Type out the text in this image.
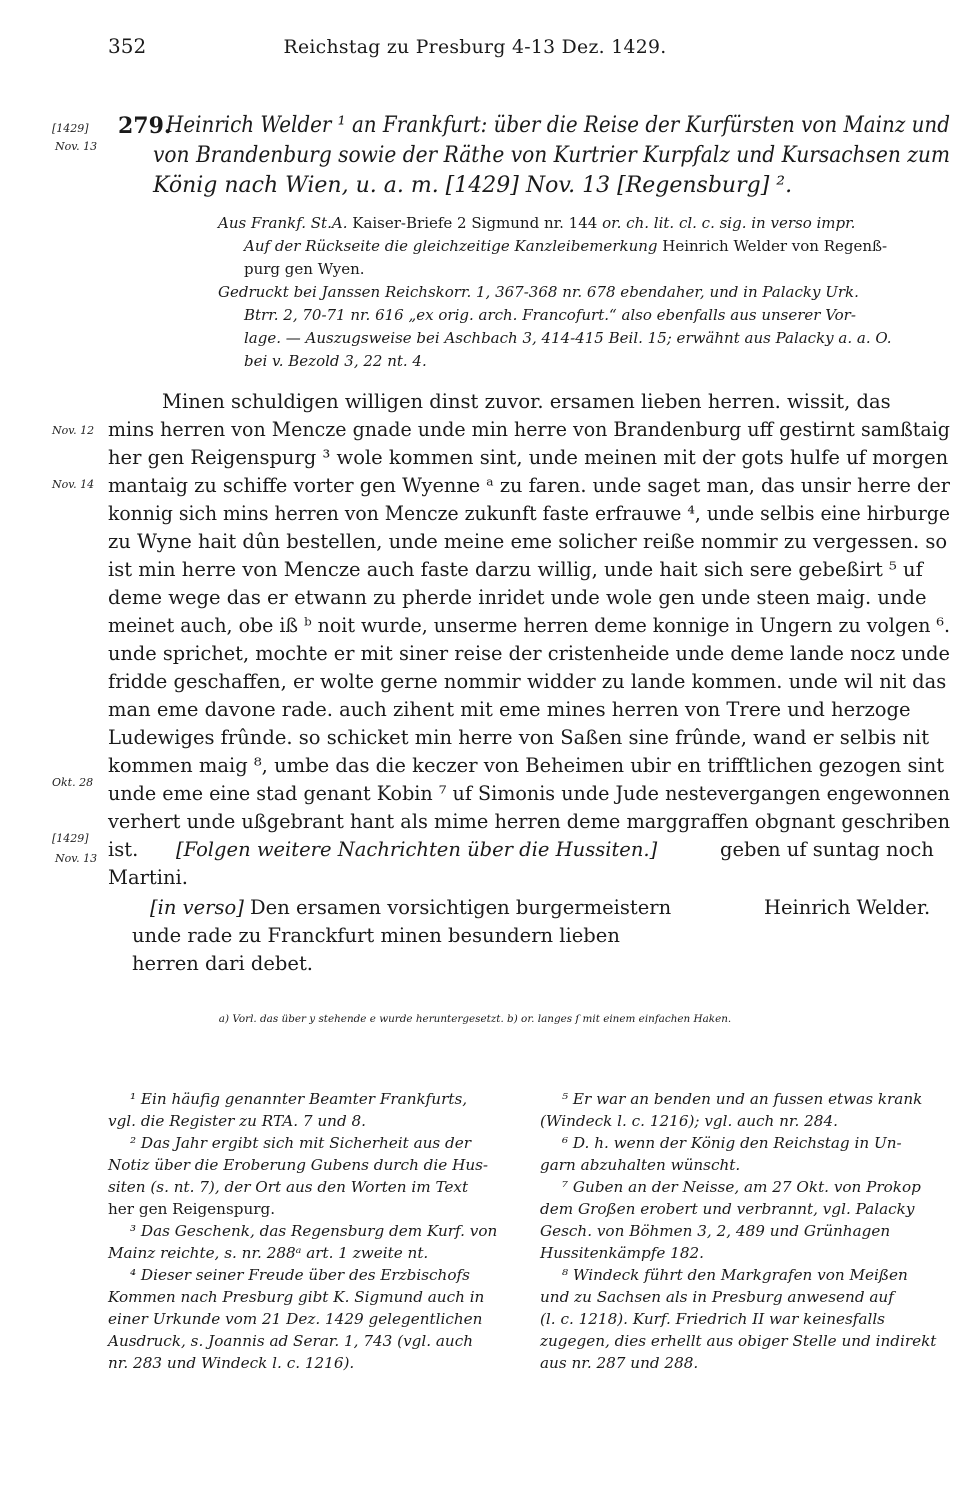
352	Reichstag zu Presburg 4-13 Dez. 1429.
[1429]
Nov. 13
Nov. 12
Nov. 14
Okt. 28
[1429]
Nov. 13
279.
Heinrich Welder ¹ an Frankfurt: über die Reise der Kurfürsten von Mainz und
von Brandenburg sowie der Räthe von Kurtrier Kurpfalz und Kursachsen zum
König nach Wien, u. a. m. [1429] Nov. 13 [Regensburg] ².
Aus Frankf. St.A. Kaiser-Briefe 2 Sigmund nr. 144 or. ch. lit. cl. c. sig. in verso impr.
Auf der Rückseite die gleichzeitige Kanzleibemerkung Heinrich Welder von Regenß-
purg gen Wyen.
Gedruckt bei Janssen Reichskorr. 1, 367-368 nr. 678 ebendaher, und in Palacky Urk.
Btrr. 2, 70-71 nr. 616 „ex orig. arch. Francofurt.“ also ebenfalls aus unserer Vor-
lage. — Auszugsweise bei Aschbach 3, 414-415 Beil. 15; erwähnt aus Palacky a. a. O.
bei v. Bezold 3, 22 nt. 4.
Minen schuldigen willigen dinst zuvor. ersamen lieben herren. wissit, das
mins herren von Mencze gnade unde min herre von Brandenburg uff gestirnt samßtaig
her gen Reigenspurg ³ wole kommen sint, unde meinen mit der gots hulfe uf morgen
mantaig zu schiffe vorter gen Wyenne ᵃ zu faren. unde saget man, das unsir herre der
konnig sich mins herren von Mencze zukunft faste erfrauwe ⁴, unde selbis eine hirburge
zu Wyne hait dûn bestellen, unde meine eme solicher reiße nommir zu vergessen. so
ist min herre von Mencze auch faste darzu willig, unde hait sich sere gebeßirt ⁵ uf
deme wege das er etwann zu pherde inridet unde wole gen unde steen maig. unde
meinet auch, obe iß ᵇ noit wurde, unserme herren deme konnige in Ungern zu volgen ⁶.
unde sprichet, mochte er mit siner reise der cristenheide unde deme lande nocz unde
fridde geschaffen, er wolte gerne nommir widder zu lande kommen. unde wil nit das
man eme davone rade. auch zihent mit eme mines herren von Trere und herzoge
Ludewiges frûnde. so schicket min herre von Saßen sine frûnde, wand er selbis nit
kommen maig ⁸, umbe das die keczer von Beheimen ubir en trifftlichen gezogen sint
unde eme eine stad genant Kobin ⁷ uf Simonis unde Jude nestevergangen engewonnen
verhert unde ußgebrant hant als mime herren deme marggraffen obgnant geschriben
ist. [Folgen weitere Nachrichten über die Hussiten.]	geben uf suntag noch
Martini.
[in verso] Den ersamen vorsichtigen burgermeistern
unde rade zu Franckfurt minen besundern lieben
herren dari debet.
Heinrich Welder.
a) Vorl. das über y stehende e wurde heruntergesetzt. b) or. langes ſ mit einem einfachen Haken.
¹ Ein häufig genannter Beamter Frankfurts,
vgl. die Register zu RTA. 7 und 8.
² Das Jahr ergibt sich mit Sicherheit aus der
Notiz über die Eroberung Gubens durch die Hus-
siten (s. nt. 7), der Ort aus den Worten im Text
her gen Reigenspurg.
³ Das Geschenk, das Regensburg dem Kurf. von
Mainz reichte, s. nr. 288ᵃ art. 1 zweite nt.
⁴ Dieser seiner Freude über des Erzbischofs
Kommen nach Presburg gibt K. Sigmund auch in
einer Urkunde vom 21 Dez. 1429 gelegentlichen
Ausdruck, s. Joannis ad Serar. 1, 743 (vgl. auch
nr. 283 und Windeck l. c. 1216).
⁵ Er war an benden und an fussen etwas krank
(Windeck l. c. 1216); vgl. auch nr. 284.
⁶ D. h. wenn der König den Reichstag in Un-
garn abzuhalten wünscht.
⁷ Guben an der Neisse, am 27 Okt. von Prokop
dem Großen erobert und verbrannt, vgl. Palacky
Gesch. von Böhmen 3, 2, 489 und Grünhagen
Hussitenkämpfe 182.
⁸ Windeck führt den Markgrafen von Meißen
und zu Sachsen als in Presburg anwesend auf
(l. c. 1218). Kurf. Friedrich II war keinesfalls
zugegen, dies erhellt aus obiger Stelle und indirekt
aus nr. 287 und 288.
